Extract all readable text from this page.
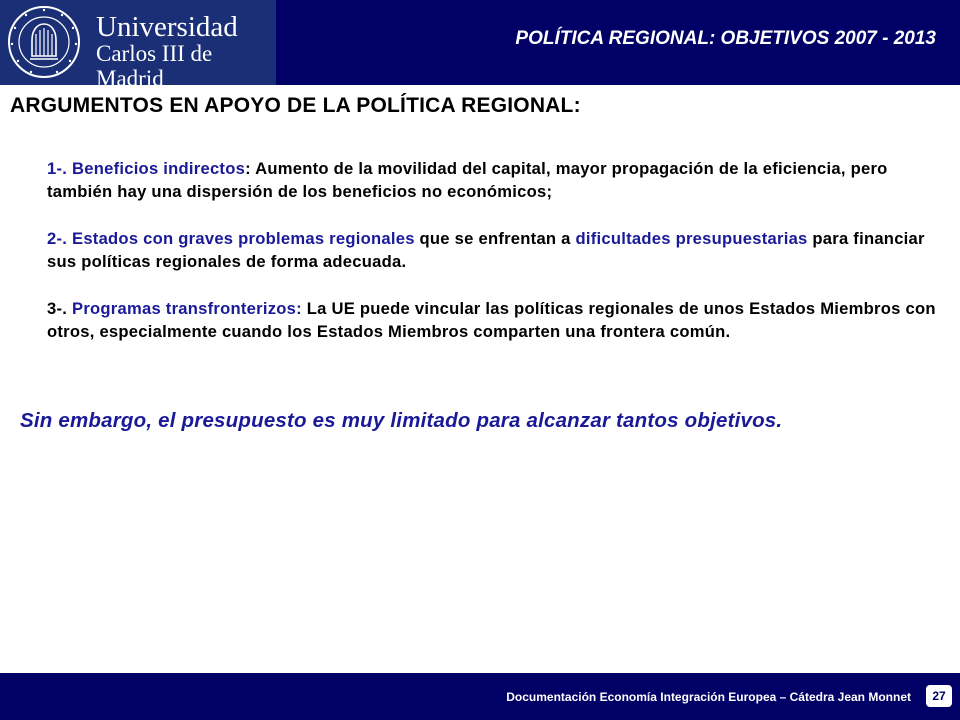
Universidad
Carlos III de Madrid
POLÍTICA REGIONAL: OBJETIVOS 2007 - 2013
ARGUMENTOS EN APOYO DE LA POLÍTICA REGIONAL:

1-. Beneficios indirectos: Aumento de la movilidad del capital, mayor propagación de la eficiencia, pero también hay una dispersión de los beneficios no económicos;

2-. Estados con graves problemas regionales que se enfrentan a dificultades presupuestarias para financiar sus políticas regionales de forma adecuada.

3-. Programas transfronterizos: La UE puede vincular las políticas regionales de unos Estados Miembros con otros, especialmente cuando los Estados Miembros comparten una frontera común.

Sin embargo, el presupuesto es muy limitado para alcanzar tantos objetivos.

Documentación Economía Integración Europea – Cátedra Jean Monnet	27
